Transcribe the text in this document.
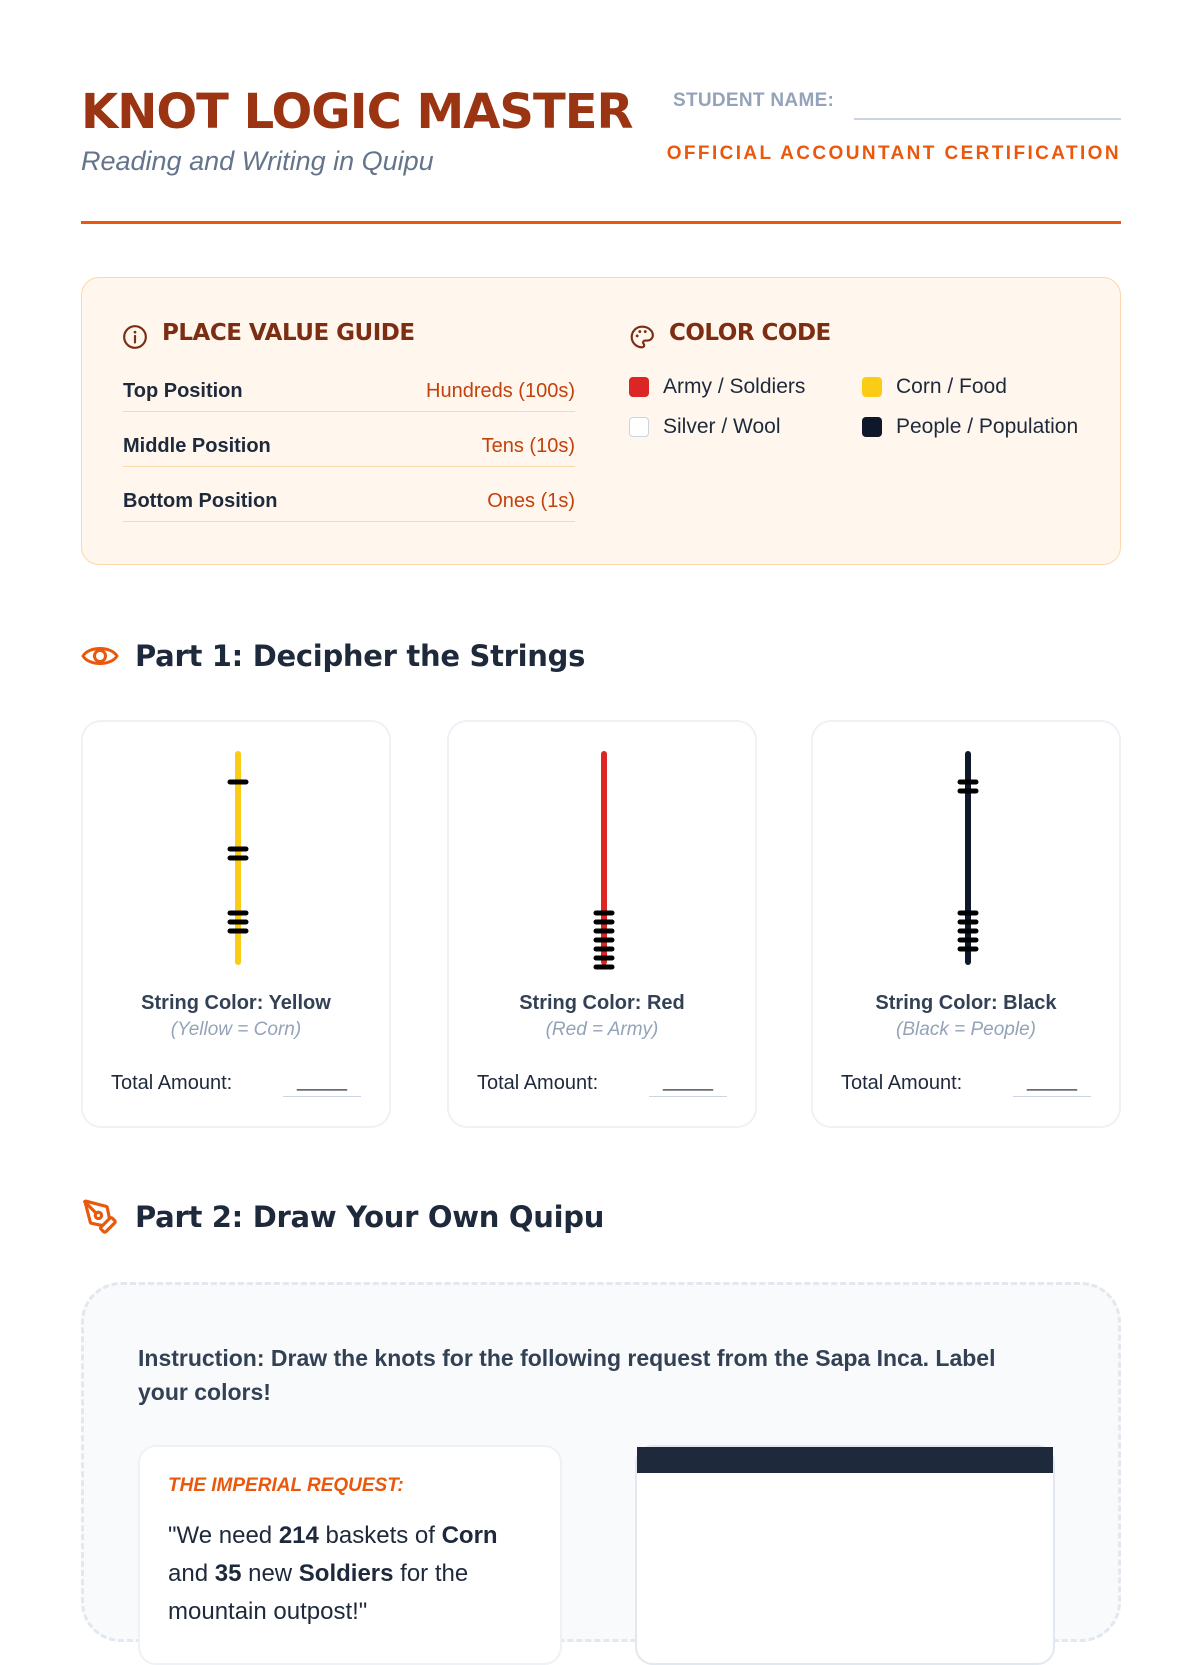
KNOT LOGIC MASTER
Reading and Writing in Quipu
STUDENT NAME:
OFFICIAL ACCOUNTANT CERTIFICATION
PLACE VALUE GUIDE
Top Position	Hundreds (100s)
Middle Position	Tens (10s)
Bottom Position	Ones (1s)
COLOR CODE
Army / Soldiers	Corn / Food
Silver / Wool	People / Population
Part 1: Decipher the Strings
String Color: Yellow
(Yellow = Corn)
Total Amount:	_____
String Color: Red
(Red = Army)
Total Amount:	_____
String Color: Black
(Black = People)
Total Amount:	_____
Part 2: Draw Your Own Quipu
Instruction: Draw the knots for the following request from the Sapa Inca. Label your colors!
THE IMPERIAL REQUEST:
"We need 214 baskets of Corn and 35 new Soldiers for the mountain outpost!"
